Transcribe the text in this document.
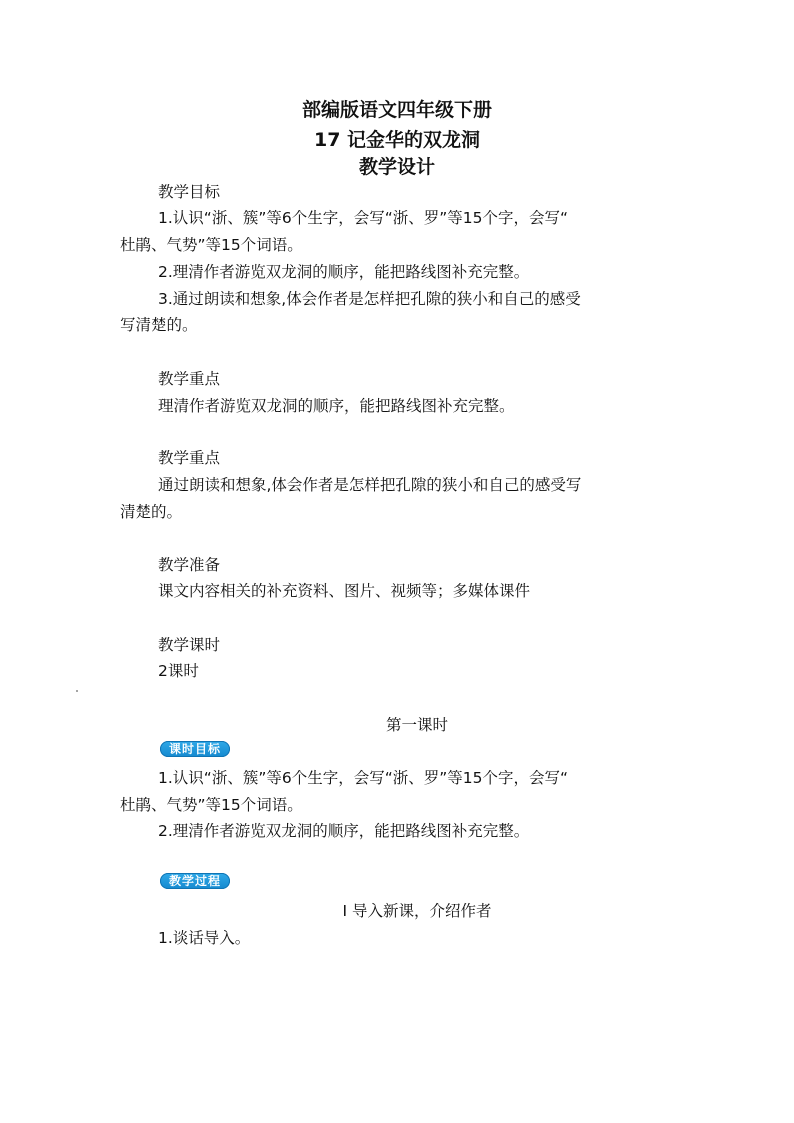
部编版语文四年级下册
17 记金华的双龙洞
教学设计
教学目标
1.认识“浙、簇”等6个生字，会写“浙、罗”等15个字，会写“
杜鹃、气势”等15个词语。
2.理清作者游览双龙洞的顺序，能把路线图补充完整。
3.通过朗读和想象,体会作者是怎样把孔隙的狭小和自己的感受
写清楚的。
教学重点
理清作者游览双龙洞的顺序，能把路线图补充完整。
教学重点
通过朗读和想象,体会作者是怎样把孔隙的狭小和自己的感受写
清楚的。
教学准备
课文内容相关的补充资料、图片、视频等；多媒体课件
教学课时
2课时
第一课时
课时目标
1.认识“浙、簇”等6个生字，会写“浙、罗”等15个字，会写“
杜鹃、气势”等15个词语。
2.理清作者游览双龙洞的顺序，能把路线图补充完整。
教学过程
Ⅰ 导入新课，介绍作者
1.谈话导入。
